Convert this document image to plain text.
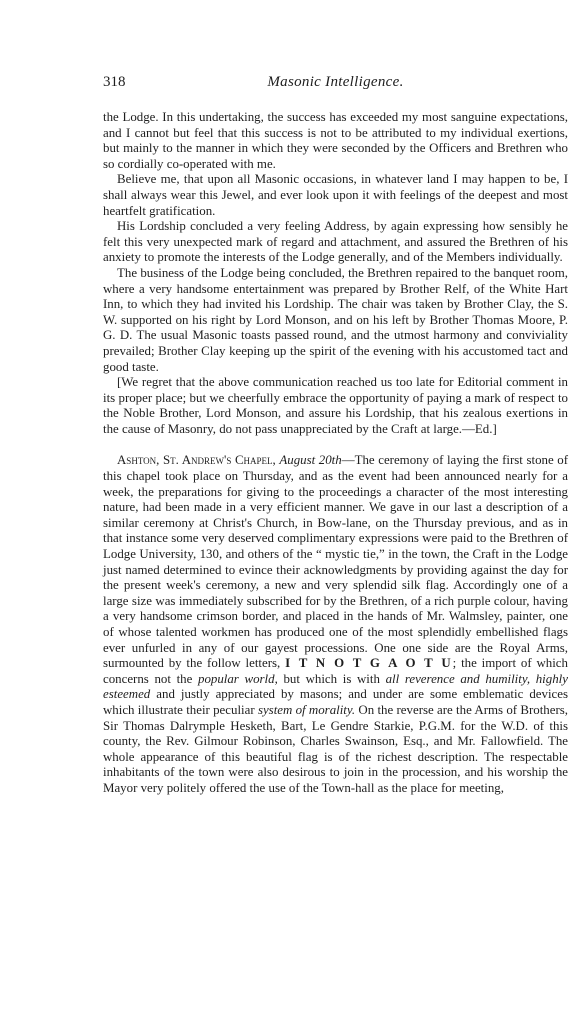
318	Masonic Intelligence.

the Lodge. In this undertaking, the success has exceeded my most sanguine expectations, and I cannot but feel that this success is not to be attributed to my individual exertions, but mainly to the manner in which they were seconded by the Officers and Brethren who so cordially co-operated with me.

Believe me, that upon all Masonic occasions, in whatever land I may happen to be, I shall always wear this Jewel, and ever look upon it with feelings of the deepest and most heartfelt gratification.

His Lordship concluded a very feeling Address, by again expressing how sensibly he felt this very unexpected mark of regard and attachment, and assured the Brethren of his anxiety to promote the interests of the Lodge generally, and of the Members individually.

The business of the Lodge being concluded, the Brethren repaired to the banquet room, where a very handsome entertainment was prepared by Brother Relf, of the White Hart Inn, to which they had invited his Lordship. The chair was taken by Brother Clay, the S. W. supported on his right by Lord Monson, and on his left by Brother Thomas Moore, P. G. D. The usual Masonic toasts passed round, and the utmost harmony and conviviality prevailed; Brother Clay keeping up the spirit of the evening with his accustomed tact and good taste.

[We regret that the above communication reached us too late for Editorial comment in its proper place; but we cheerfully embrace the opportunity of paying a mark of respect to the Noble Brother, Lord Monson, and assure his Lordship, that his zealous exertions in the cause of Masonry, do not pass unappreciated by the Craft at large.—Ed.]

Ashton, St. Andrew's Chapel, August 20th—The ceremony of laying the first stone of this chapel took place on Thursday, and as the event had been announced nearly for a week, the preparations for giving to the proceedings a character of the most interesting nature, had been made in a very efficient manner. We gave in our last a description of a similar ceremony at Christ's Church, in Bow-lane, on the Thursday previous, and as in that instance some very deserved complimentary expressions were paid to the Brethren of Lodge University, 130, and others of the “ mystic tie,” in the town, the Craft in the Lodge just named determined to evince their acknowledgments by providing against the day for the present week's ceremony, a new and very splendid silk flag. Accordingly one of a large size was immediately subscribed for by the Brethren, of a rich purple colour, having a very handsome crimson border, and placed in the hands of Mr. Walmsley, painter, one of whose talented workmen has produced one of the most splendidly embellished flags ever unfurled in any of our gayest processions. One one side are the Royal Arms, surmounted by the follow letters, I T N O T G A O T U; the import of which concerns not the popular world, but which is with all reverence and humility, highly esteemed and justly appreciated by masons; and under are some emblematic devices which illustrate their peculiar system of morality. On the reverse are the Arms of Brothers, Sir Thomas Dalrymple Hesketh, Bart, Le Gendre Starkie, P.G.M. for the W.D. of this county, the Rev. Gilmour Robinson, Charles Swainson, Esq., and Mr. Fallowfield. The whole appearance of this beautiful flag is of the richest description. The respectable inhabitants of the town were also desirous to join in the procession, and his worship the Mayor very politely offered the use of the Town-hall as the place for meeting,
